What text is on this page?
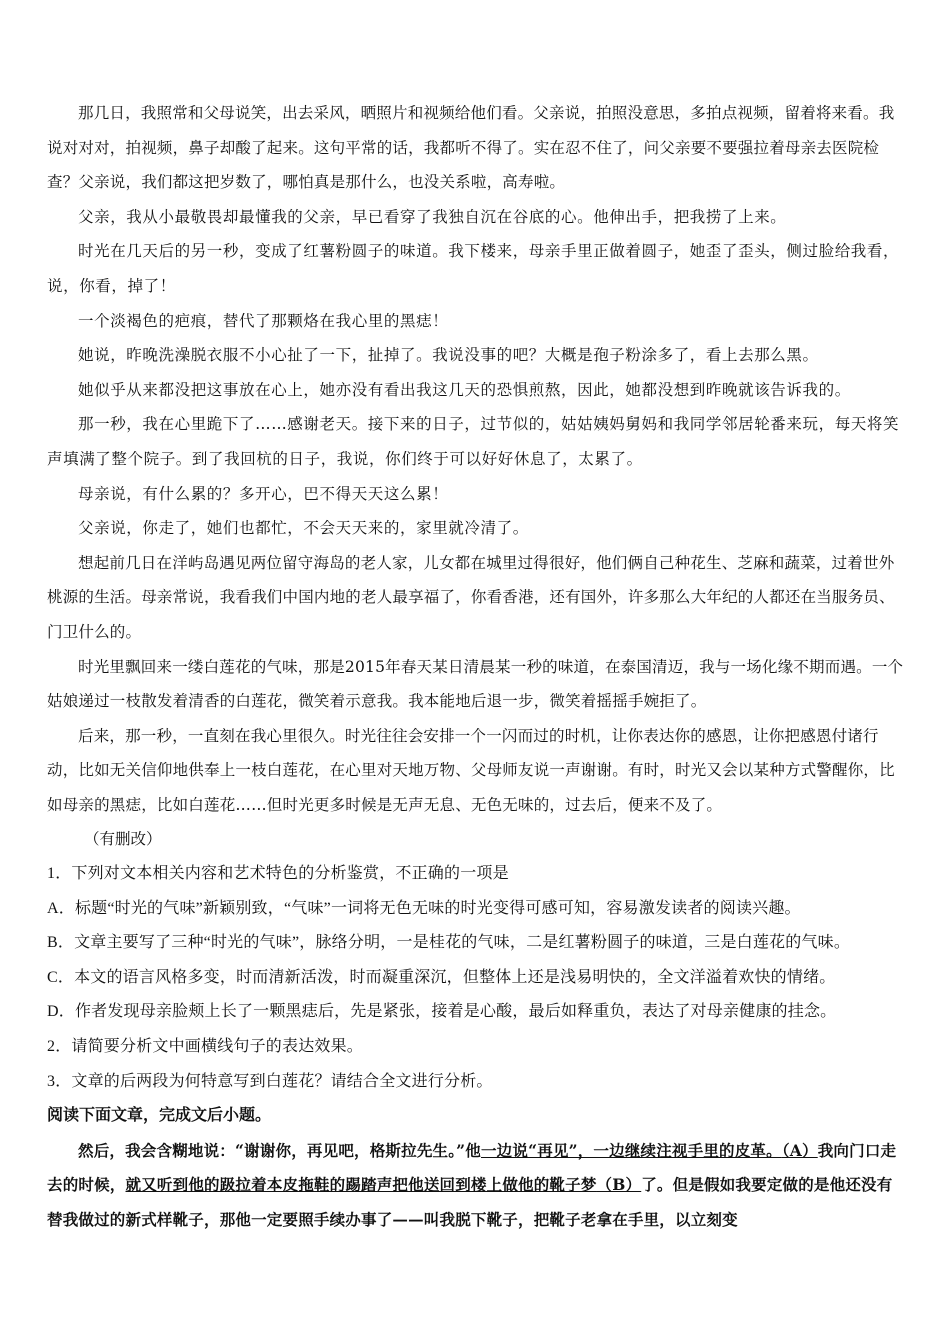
那几日，我照常和父母说笑，出去采风，晒照片和视频给他们看。父亲说，拍照没意思，多拍点视频，留着将来看。我说对对对，拍视频，鼻子却酸了起来。这句平常的话，我都听不得了。实在忍不住了，问父亲要不要强拉着母亲去医院检查？父亲说，我们都这把岁数了，哪怕真是那什么，也没关系啦，高寿啦。

父亲，我从小最敬畏却最懂我的父亲，早已看穿了我独自沉在谷底的心。他伸出手，把我捞了上来。

时光在几天后的另一秒，变成了红薯粉圆子的味道。我下楼来，母亲手里正做着圆子，她歪了歪头，侧过脸给我看，说，你看，掉了！

一个淡褐色的疤痕，替代了那颗烙在我心里的黑痣！

她说，昨晚洗澡脱衣服不小心扯了一下，扯掉了。我说没事的吧？大概是孢子粉涂多了，看上去那么黑。

她似乎从来都没把这事放在心上，她亦没有看出我这几天的恐惧煎熬，因此，她都没想到昨晚就该告诉我的。

那一秒，我在心里跪下了……感谢老天。接下来的日子，过节似的，姑姑姨妈舅妈和我同学邻居轮番来玩，每天将笑声填满了整个院子。到了我回杭的日子，我说，你们终于可以好好休息了，太累了。

母亲说，有什么累的？多开心，巴不得天天这么累！

父亲说，你走了，她们也都忙，不会天天来的，家里就冷清了。

想起前几日在洋屿岛遇见两位留守海岛的老人家，儿女都在城里过得很好，他们俩自己种花生、芝麻和蔬菜，过着世外桃源的生活。母亲常说，我看我们中国内地的老人最享福了，你看香港，还有国外，许多那么大年纪的人都还在当服务员、门卫什么的。

时光里飘回来一缕白莲花的气味，那是2015年春天某日清晨某一秒的味道，在泰国清迈，我与一场化缘不期而遇。一个姑娘递过一枝散发着清香的白莲花，微笑着示意我。我本能地后退一步，微笑着摇摇手婉拒了。

后来，那一秒，一直刻在我心里很久。时光往往会安排一个一闪而过的时机，让你表达你的感恩，让你把感恩付诸行动，比如无关信仰地供奉上一枝白莲花，在心里对天地万物、父母师友说一声谢谢。有时，时光又会以某种方式警醒你，比如母亲的黑痣，比如白莲花……但时光更多时候是无声无息、无色无味的，过去后，便来不及了。

（有删改）

1．下列对文本相关内容和艺术特色的分析鉴赏，不正确的一项是

A．标题“时光的气味”新颖别致，“气味”一词将无色无味的时光变得可感可知，容易激发读者的阅读兴趣。

B．文章主要写了三种“时光的气味”，脉络分明，一是桂花的气味，二是红薯粉圆子的味道，三是白莲花的气味。

C．本文的语言风格多变，时而清新活泼，时而凝重深沉，但整体上还是浅易明快的，全文洋溢着欢快的情绪。

D．作者发现母亲脸颊上长了一颗黑痣后，先是紧张，接着是心酸，最后如释重负，表达了对母亲健康的挂念。

2．请简要分析文中画横线句子的表达效果。

3．文章的后两段为何特意写到白莲花？请结合全文进行分析。

阅读下面文章，完成文后小题。

然后，我会含糊地说：“谢谢你，再见吧，格斯拉先生。”他一边说“再见”，一边继续注视手里的皮革。（A）我向门口走去的时候，就又听到他的趿拉着本皮拖鞋的踢踏声把他送回到楼上做他的靴子梦（B）了。但是假如我要定做的是他还没有替我做过的新式样靴子，那他一定要照手续办事了——叫我脱下靴子，把靴子老拿在手里，以立刻变
